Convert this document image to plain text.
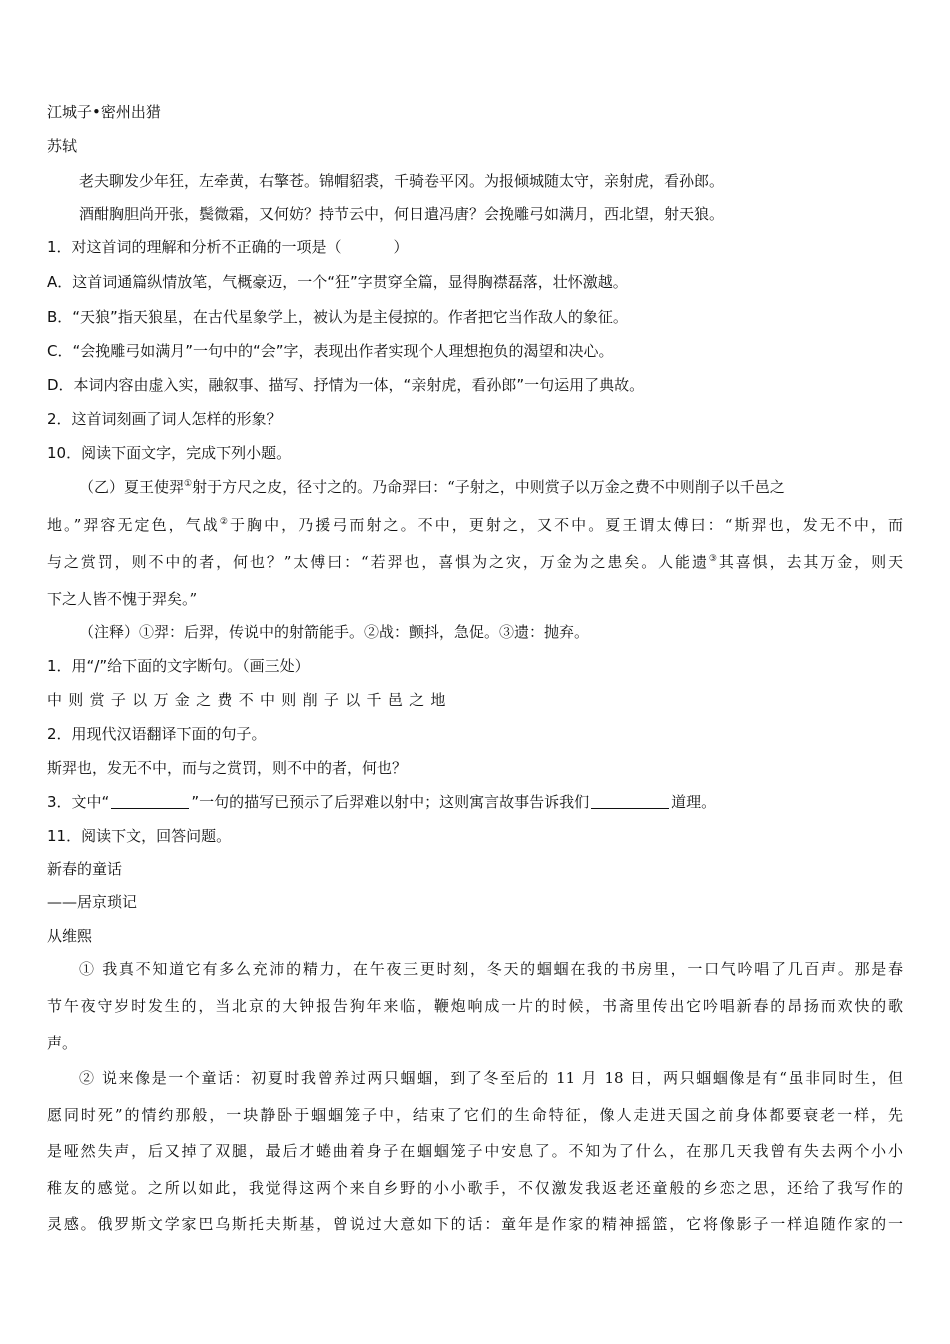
江城子•密州出猎
苏轼
老夫聊发少年狂，左牵黄，右擎苍。锦帽貂裘，千骑卷平冈。为报倾城随太守，亲射虎，看孙郎。
酒酣胸胆尚开张，鬓微霜，又何妨？持节云中，何日遣冯唐？会挽雕弓如满月，西北望，射天狼。
1．对这首词的理解和分析不正确的一项是（	）
A．这首词通篇纵情放笔，气概豪迈，一个“狂”字贯穿全篇，显得胸襟磊落，壮怀激越。
B．“天狼”指天狼星，在古代星象学上，被认为是主侵掠的。作者把它当作敌人的象征。
C．“会挽雕弓如满月”一句中的“会”字，表现出作者实现个人理想抱负的渴望和决心。
D．本词内容由虚入实，融叙事、描写、抒情为一体，“亲射虎，看孙郎”一句运用了典故。
2．这首词刻画了词人怎样的形象？
10．阅读下面文字，完成下列小题。
（乙）夏王使羿①射于方尺之皮，径寸之的。乃命羿曰：“子射之，中则赏子以万金之费不中则削子以千邑之
地。”羿容无定色，气战②于胸中，乃援弓而射之。不中，更射之，又不中。夏王谓太傅曰：“斯羿也，发无不中，而
与之赏罚，则不中的者，何也？”太傅曰：“若羿也，喜惧为之灾，万金为之患矣。人能遗③其喜惧，去其万金，则天
下之人皆不愧于羿矣。”
（注释）①羿：后羿，传说中的射箭能手。②战：颤抖，急促。③遗：抛弃。
1．用“/”给下面的文字断句。（画三处）
中则赏子以万金之费不中则削子以千邑之地
2．用现代汉语翻译下面的句子。
斯羿也，发无不中，而与之赏罚，则不中的者，何也？
3．文中“	”一句的描写已预示了后羿难以射中；这则寓言故事告诉我们	道理。
11．阅读下文，回答问题。
新春的童话
——居京琐记
从维熙
① 我真不知道它有多么充沛的精力，在午夜三更时刻，冬天的蝈蝈在我的书房里，一口气吟唱了几百声。那是春
节午夜守岁时发生的，当北京的大钟报告狗年来临，鞭炮响成一片的时候，书斋里传出它吟唱新春的昂扬而欢快的歌
声。
② 说来像是一个童话：初夏时我曾养过两只蝈蝈，到了冬至后的 11 月 18 日，两只蝈蝈像是有“虽非同时生，但
愿同时死”的情约那般，一块静卧于蝈蝈笼子中，结束了它们的生命特征，像人走进天国之前身体都要衰老一样，先
是哑然失声，后又掉了双腿，最后才蜷曲着身子在蝈蝈笼子中安息了。不知为了什么，在那几天我曾有失去两个小小
稚友的感觉。之所以如此，我觉得这两个来自乡野的小小歌手，不仅激发我返老还童般的乡恋之思，还给了我写作的
灵感。俄罗斯文学家巴乌斯托夫斯基，曾说过大意如下的话：童年是作家的精神摇篮，它将像影子一样追随作家的一
